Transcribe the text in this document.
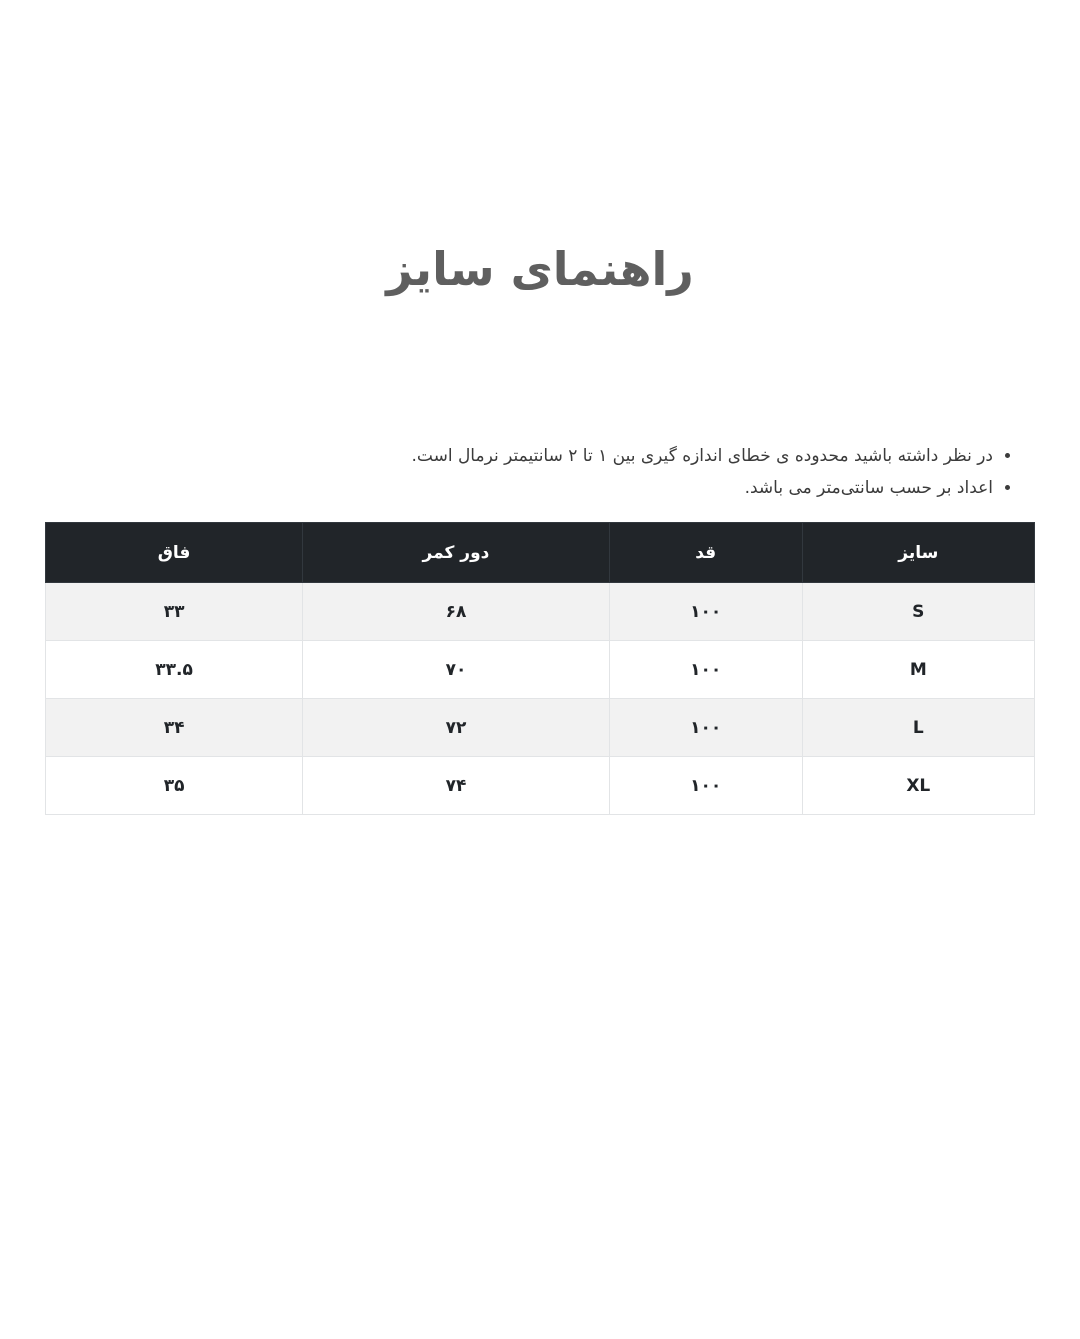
راهنمای سایز
• در نظر داشته باشید محدوده ی خطای اندازه گیری بین ۱ تا ۲ سانتیمتر نرمال است.
• اعداد بر حسب سانتی‌متر می باشد.
سایز	قد	دور کمر	فاق
S	۱۰۰	۶۸	۳۳
M	۱۰۰	۷۰	۳۳.۵
L	۱۰۰	۷۲	۳۴
XL	۱۰۰	۷۴	۳۵
